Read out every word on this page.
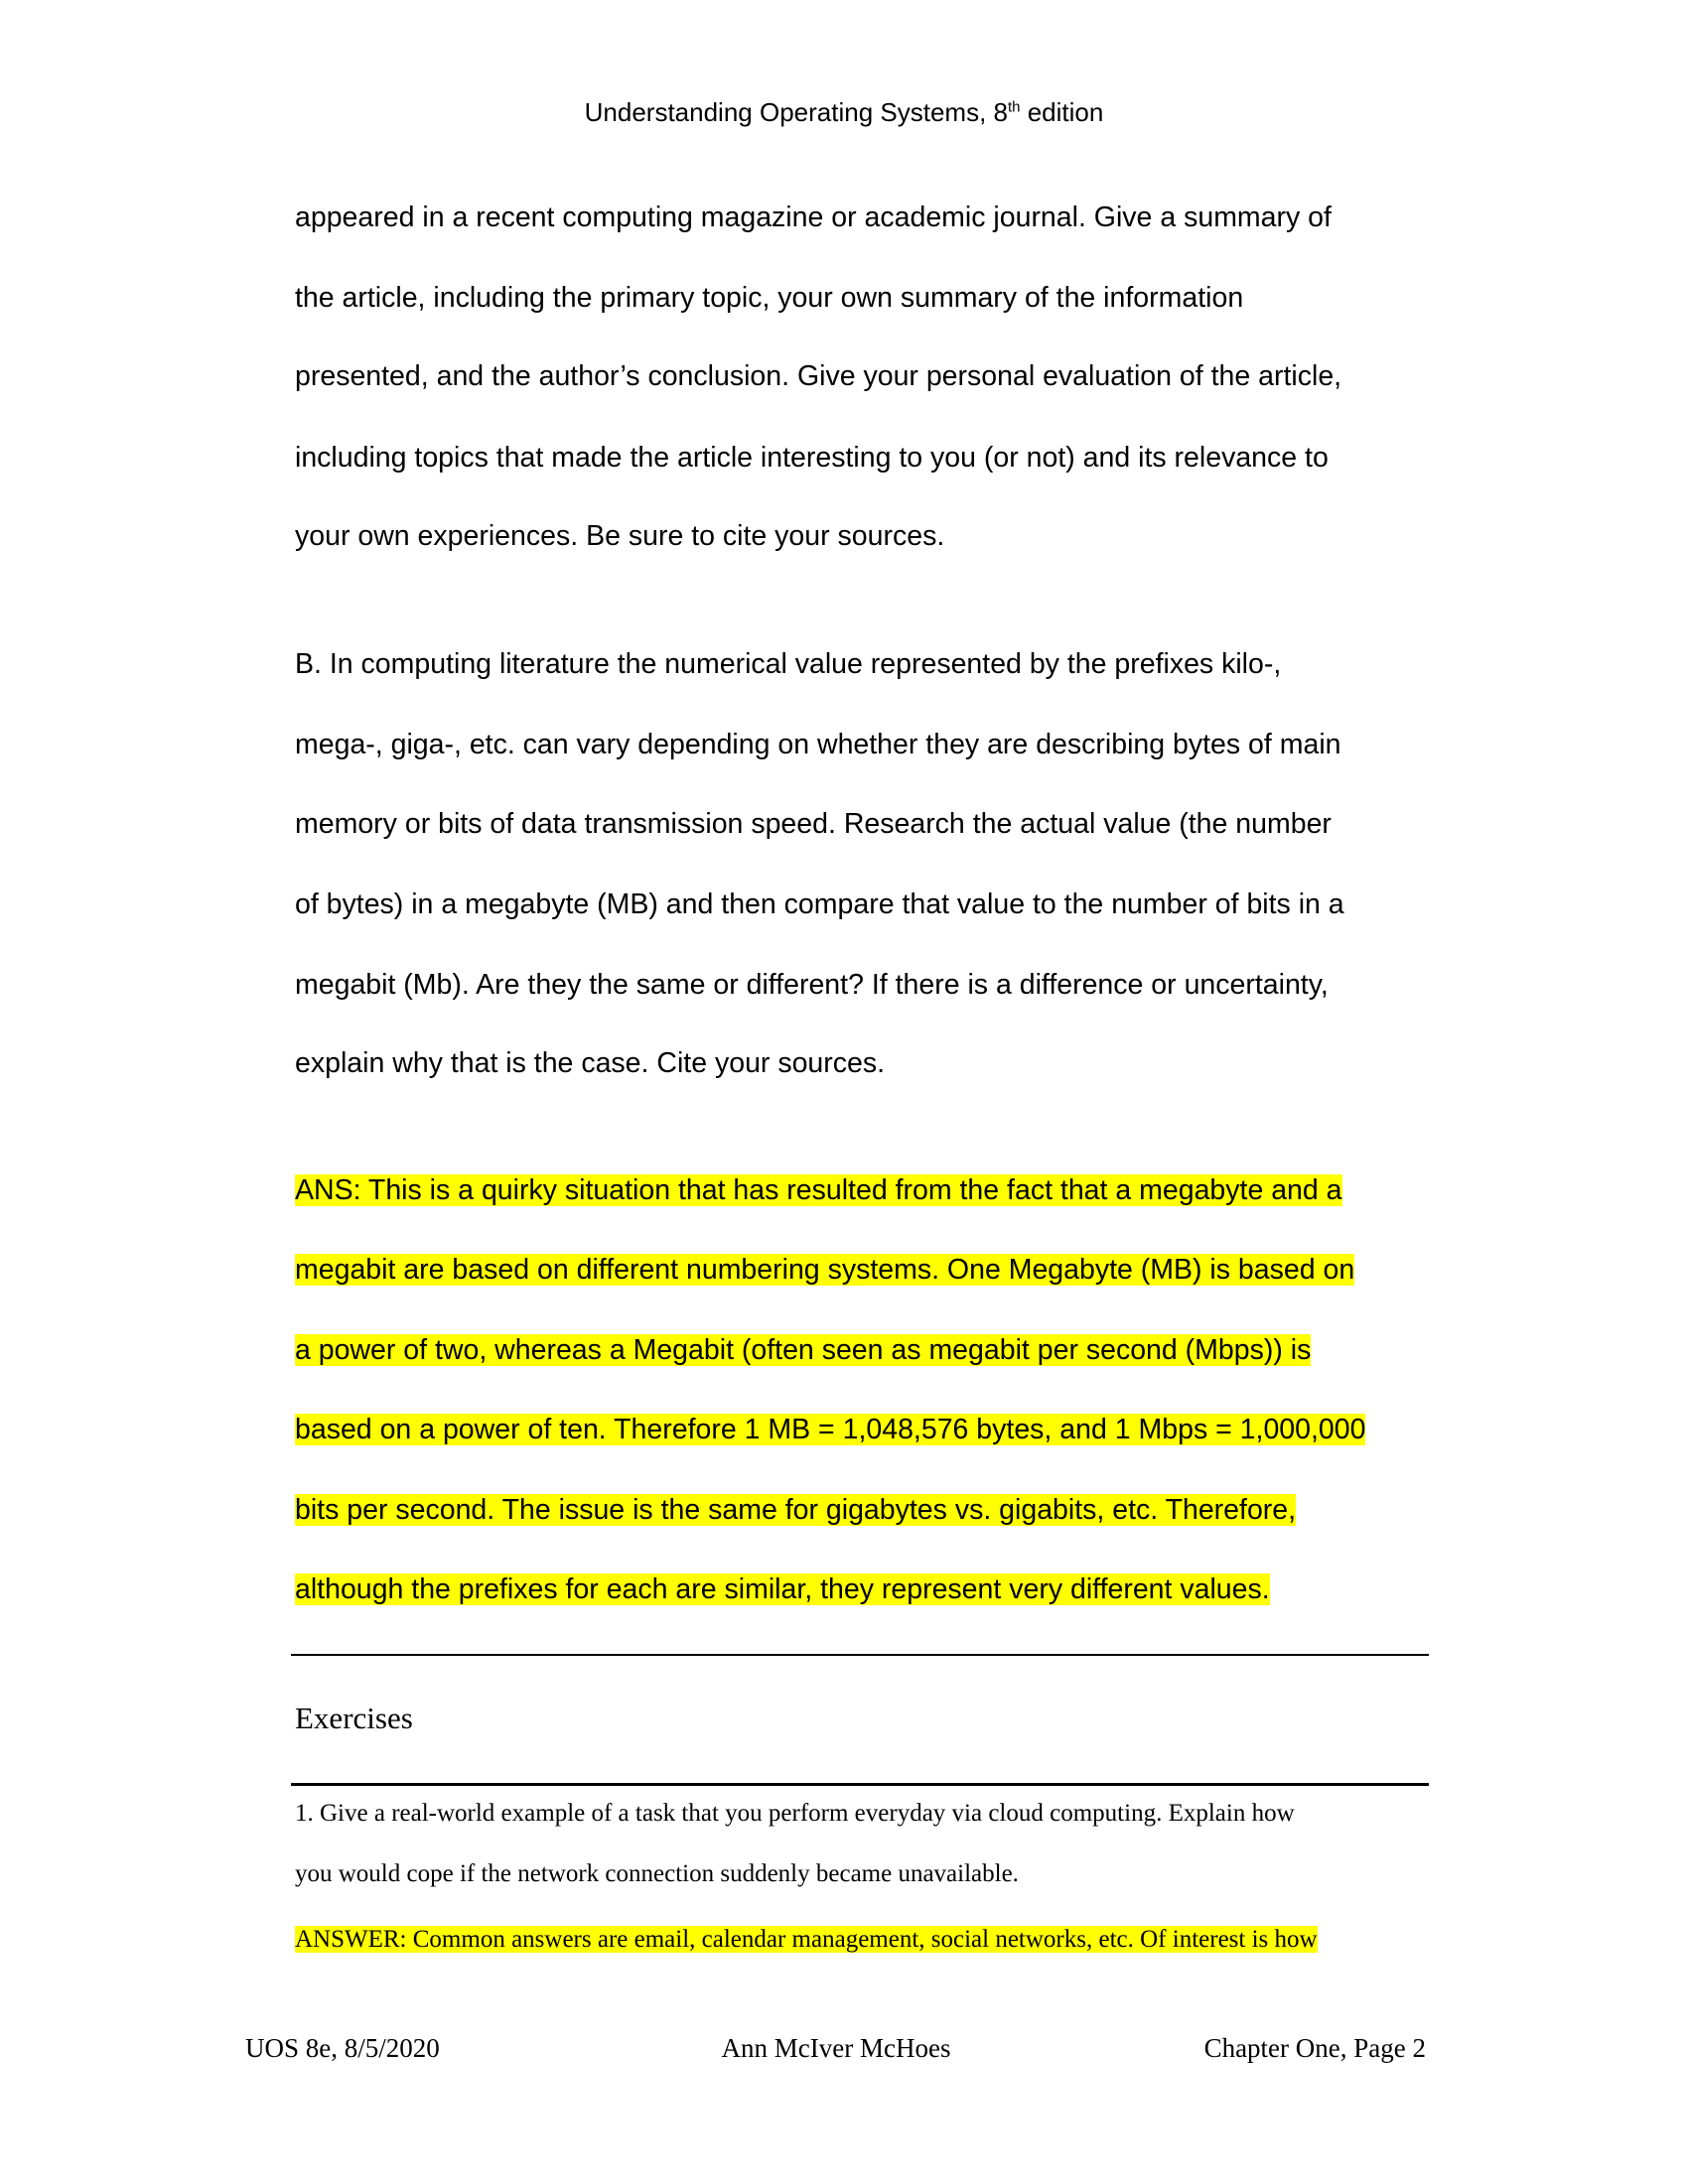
Understanding Operating Systems, 8th edition
appeared in a recent computing magazine or academic journal. Give a summary of
the article, including the primary topic, your own summary of the information
presented, and the author’s conclusion. Give your personal evaluation of the article,
including topics that made the article interesting to you (or not) and its relevance to
your own experiences. Be sure to cite your sources.
B. In computing literature the numerical value represented by the prefixes kilo-,
mega-, giga-, etc. can vary depending on whether they are describing bytes of main
memory or bits of data transmission speed. Research the actual value (the number
of bytes) in a megabyte (MB) and then compare that value to the number of bits in a
megabit (Mb). Are they the same or different? If there is a difference or uncertainty,
explain why that is the case. Cite your sources.
ANS: This is a quirky situation that has resulted from the fact that a megabyte and a
megabit are based on different numbering systems. One Megabyte (MB) is based on
a power of two, whereas a Megabit (often seen as megabit per second (Mbps)) is
based on a power of ten. Therefore 1 MB = 1,048,576 bytes, and 1 Mbps = 1,000,000
bits per second. The issue is the same for gigabytes vs. gigabits, etc. Therefore,
although the prefixes for each are similar, they represent very different values.
Exercises
1. Give a real-world example of a task that you perform everyday via cloud computing. Explain how
you would cope if the network connection suddenly became unavailable.
ANSWER: Common answers are email, calendar management, social networks, etc. Of interest is how
UOS 8e, 8/5/2020	Ann McIver McHoes	Chapter One, Page 2
